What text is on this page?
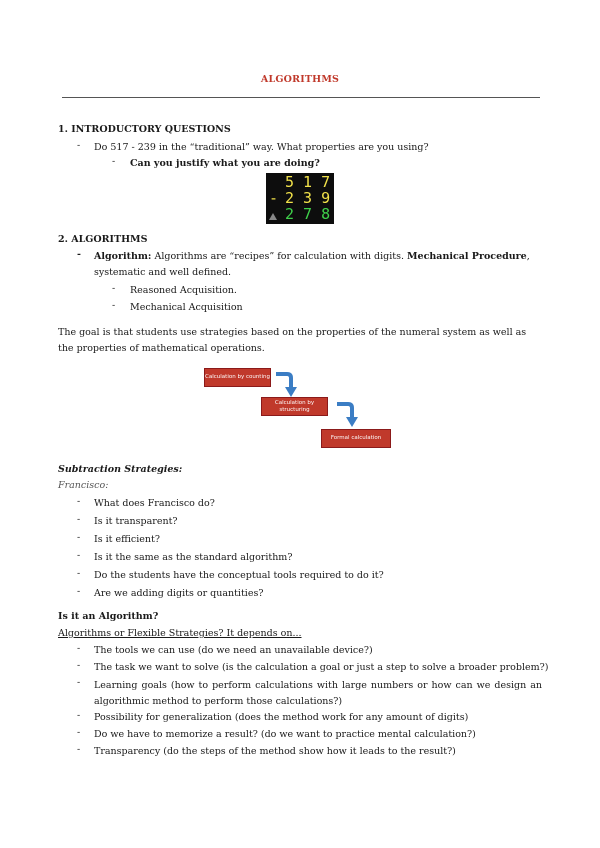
ALGORITHMS
1. INTRODUCTORY QUESTIONS
- Do 517 - 239 in the “traditional” way. What properties are you using?
- Can you justify what you are doing?
5 1 7
- 2 3 9
2 7 8
2. ALGORITHMS
- Algorithm: Algorithms are “recipes” for calculation with digits. Mechanical Procedure,
systematic and well defined.
- Reasoned Acquisition.
- Mechanical Acquisition
The goal is that students use strategies based on the properties of the numeral system as well as the properties of mathematical operations.
Calculation by counting
Calculation by structuring
Formal calculation
Subtraction Strategies:
Francisco:
- What does Francisco do?
- Is it transparent?
- Is it efficient?
- Is it the same as the standard algorithm?
- Do the students have the conceptual tools required to do it?
- Are we adding digits or quantities?
Is it an Algorithm?
Algorithms or Flexible Strategies? It depends on...
- The tools we can use (do we need an unavailable device?)
- The task we want to solve (is the calculation a goal or just a step to solve a broader problem?)
- Learning goals (how to perform calculations with large numbers or how can we design an algorithmic method to perform those calculations?)
- Possibility for generalization (does the method work for any amount of digits)
- Do we have to memorize a result? (do we want to practice mental calculation?)
- Transparency (do the steps of the method show how it leads to the result?)
